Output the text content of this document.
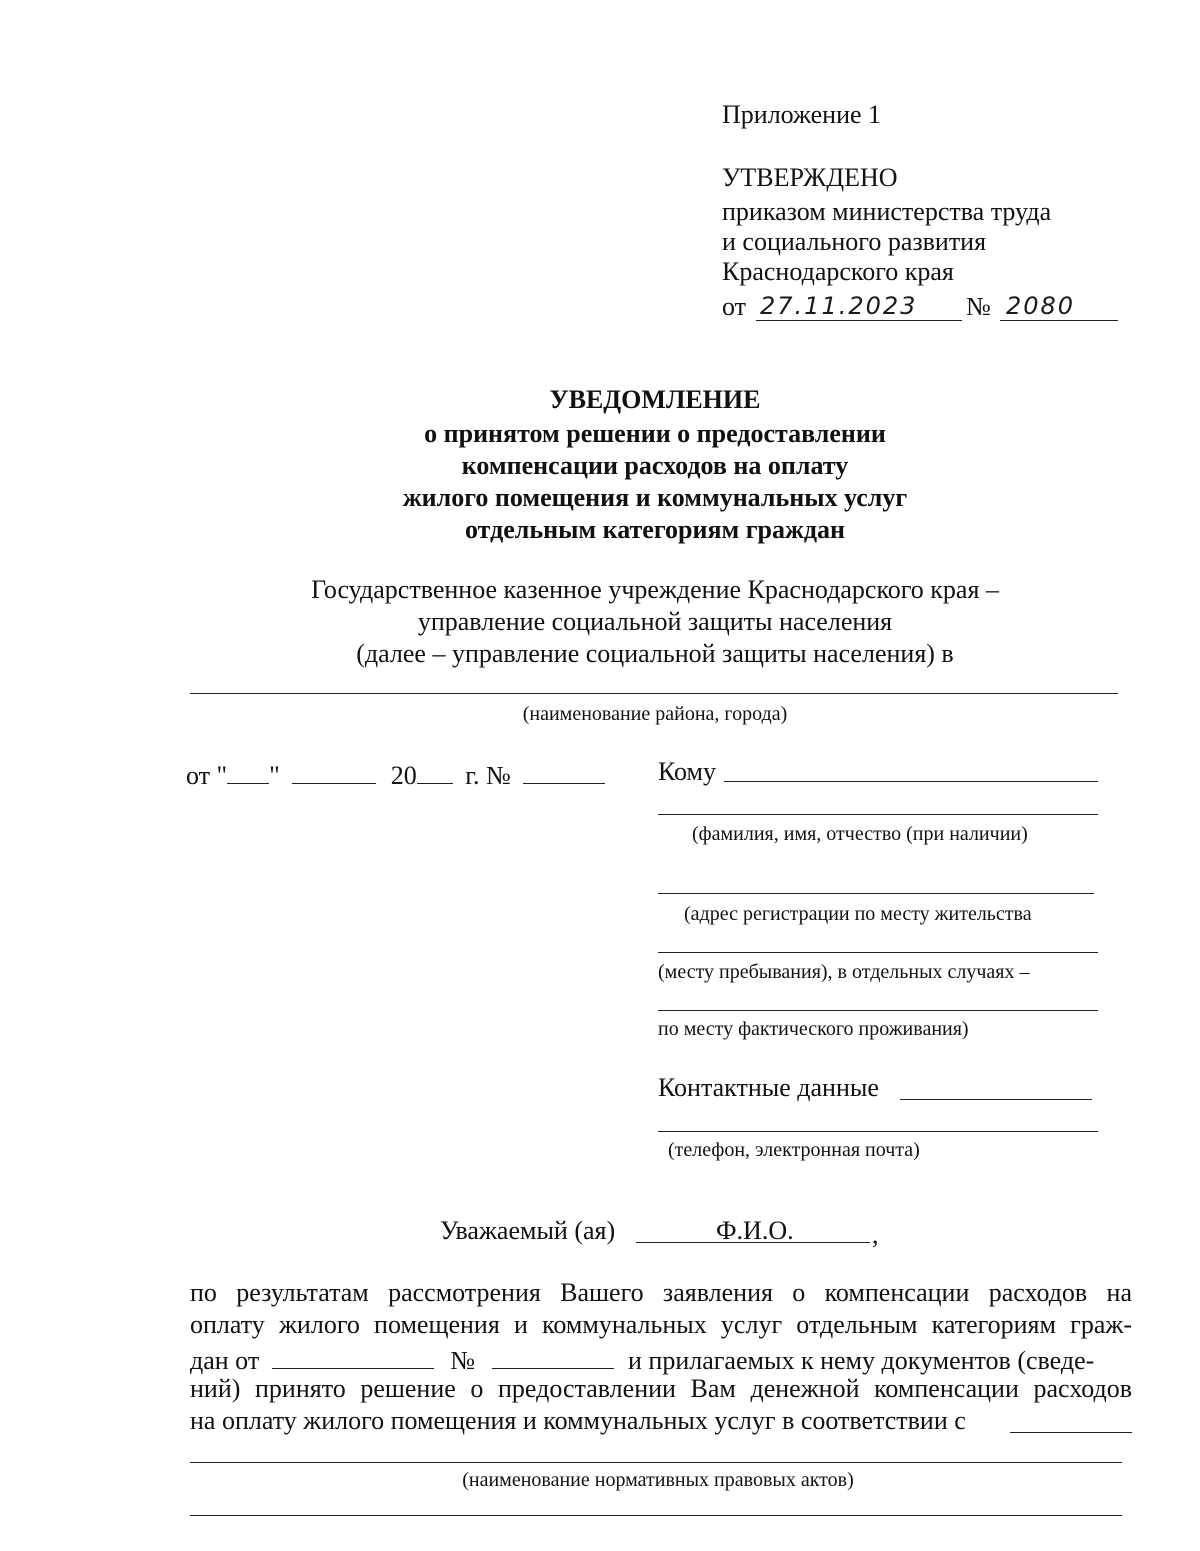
Приложение 1
УТВЕРЖДЕНО
приказом министерства труда
и социального развития
Краснодарского края
от 27.11.2023 № 2080
УВЕДОМЛЕНИЕ
о принятом решении о предоставлении
компенсации расходов на оплату
жилого помещения и коммунальных услуг
отдельным категориям граждан
Государственное казенное учреждение Краснодарского края –
управление социальной защиты населения
(далее – управление социальной защиты населения) в
(наименование района, города)
от " "	20 г. №	Кому
(фамилия, имя, отчество (при наличии)
(адрес регистрации по месту жительства
(месту пребывания), в отдельных случаях –
по месту фактического проживания)
Контактные данные
(телефон, электронная почта)
Уважаемый (ая)	Ф.И.О.	,
по результатам рассмотрения Вашего заявления о компенсации расходов на
оплату жилого помещения и коммунальных услуг отдельным категориям граж-
дан от	№	и прилагаемых к нему документов (сведе-
ний) принято решение о предоставлении Вам денежной компенсации расходов
на оплату жилого помещения и коммунальных услуг в соответствии с
(наименование нормативных правовых актов)
